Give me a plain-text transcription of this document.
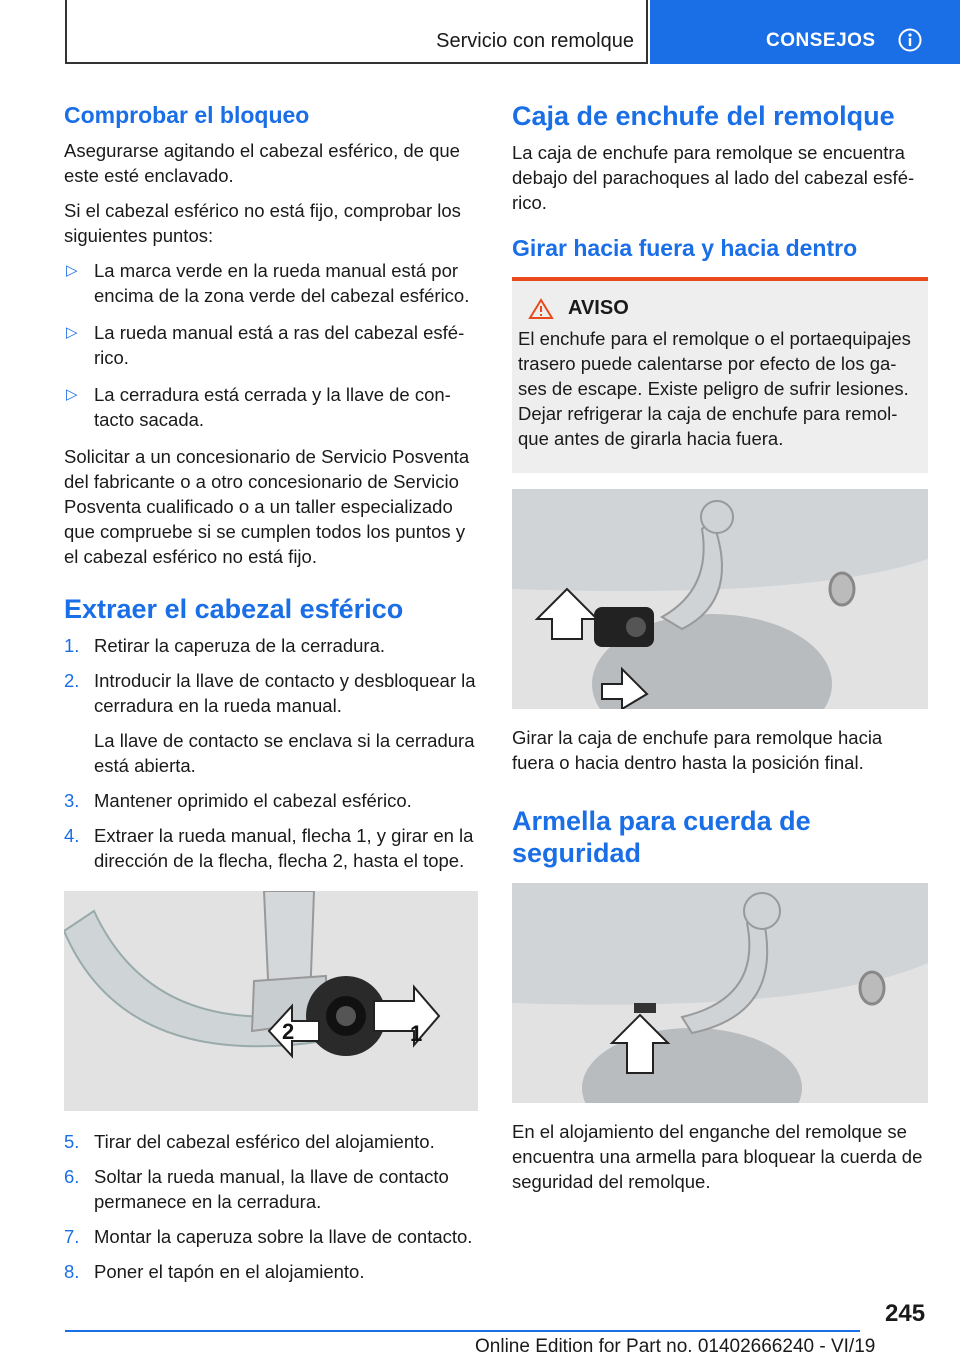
Servicio con remolque	CONSEJOS
Comprobar el bloqueo

Asegurarse agitando el cabezal esférico, de que este esté enclavado.

Si el cabezal esférico no está fijo, comprobar los siguientes puntos:

▷ La marca verde en la rueda manual está por encima de la zona verde del cabezal esférico.
▷ La rueda manual está a ras del cabezal esfé-rico.
▷ La cerradura está cerrada y la llave de con-tacto sacada.

Solicitar a un concesionario de Servicio Posventa del fabricante o a otro concesionario de Servicio Posventa cualificado o a un taller especializado que compruebe si se cumplen todos los puntos y el cabezal esférico no está fijo.

Extraer el cabezal esférico
1. Retirar la caperuza de la cerradura.
2. Introducir la llave de contacto y desbloquear la cerradura en la rueda manual.
La llave de contacto se enclava si la cerradura está abierta.
3. Mantener oprimido el cabezal esférico.
4. Extraer la rueda manual, flecha 1, y girar en la dirección de la flecha, flecha 2, hasta el tope.
1
2
5. Tirar del cabezal esférico del alojamiento.
6. Soltar la rueda manual, la llave de contacto permanece en la cerradura.
7. Montar la caperuza sobre la llave de contacto.
8. Poner el tapón en el alojamiento.
Caja de enchufe del remolque

La caja de enchufe para remolque se encuentra debajo del parachoques al lado del cabezal esfé-rico.

Girar hacia fuera y hacia dentro
AVISO
El enchufe para el remolque o el portaequipajes trasero puede calentarse por efecto de los ga-ses de escape. Existe peligro de sufrir lesiones. Dejar refrigerar la caja de enchufe para remol-que antes de girarla hacia fuera.

Girar la caja de enchufe para remolque hacia fuera o hacia dentro hasta la posición final.

Armella para cuerda de seguridad

En el alojamiento del enganche del remolque se encuentra una armella para bloquear la cuerda de seguridad del remolque.

245
Online Edition for Part no. 01402666240 - VI/19
